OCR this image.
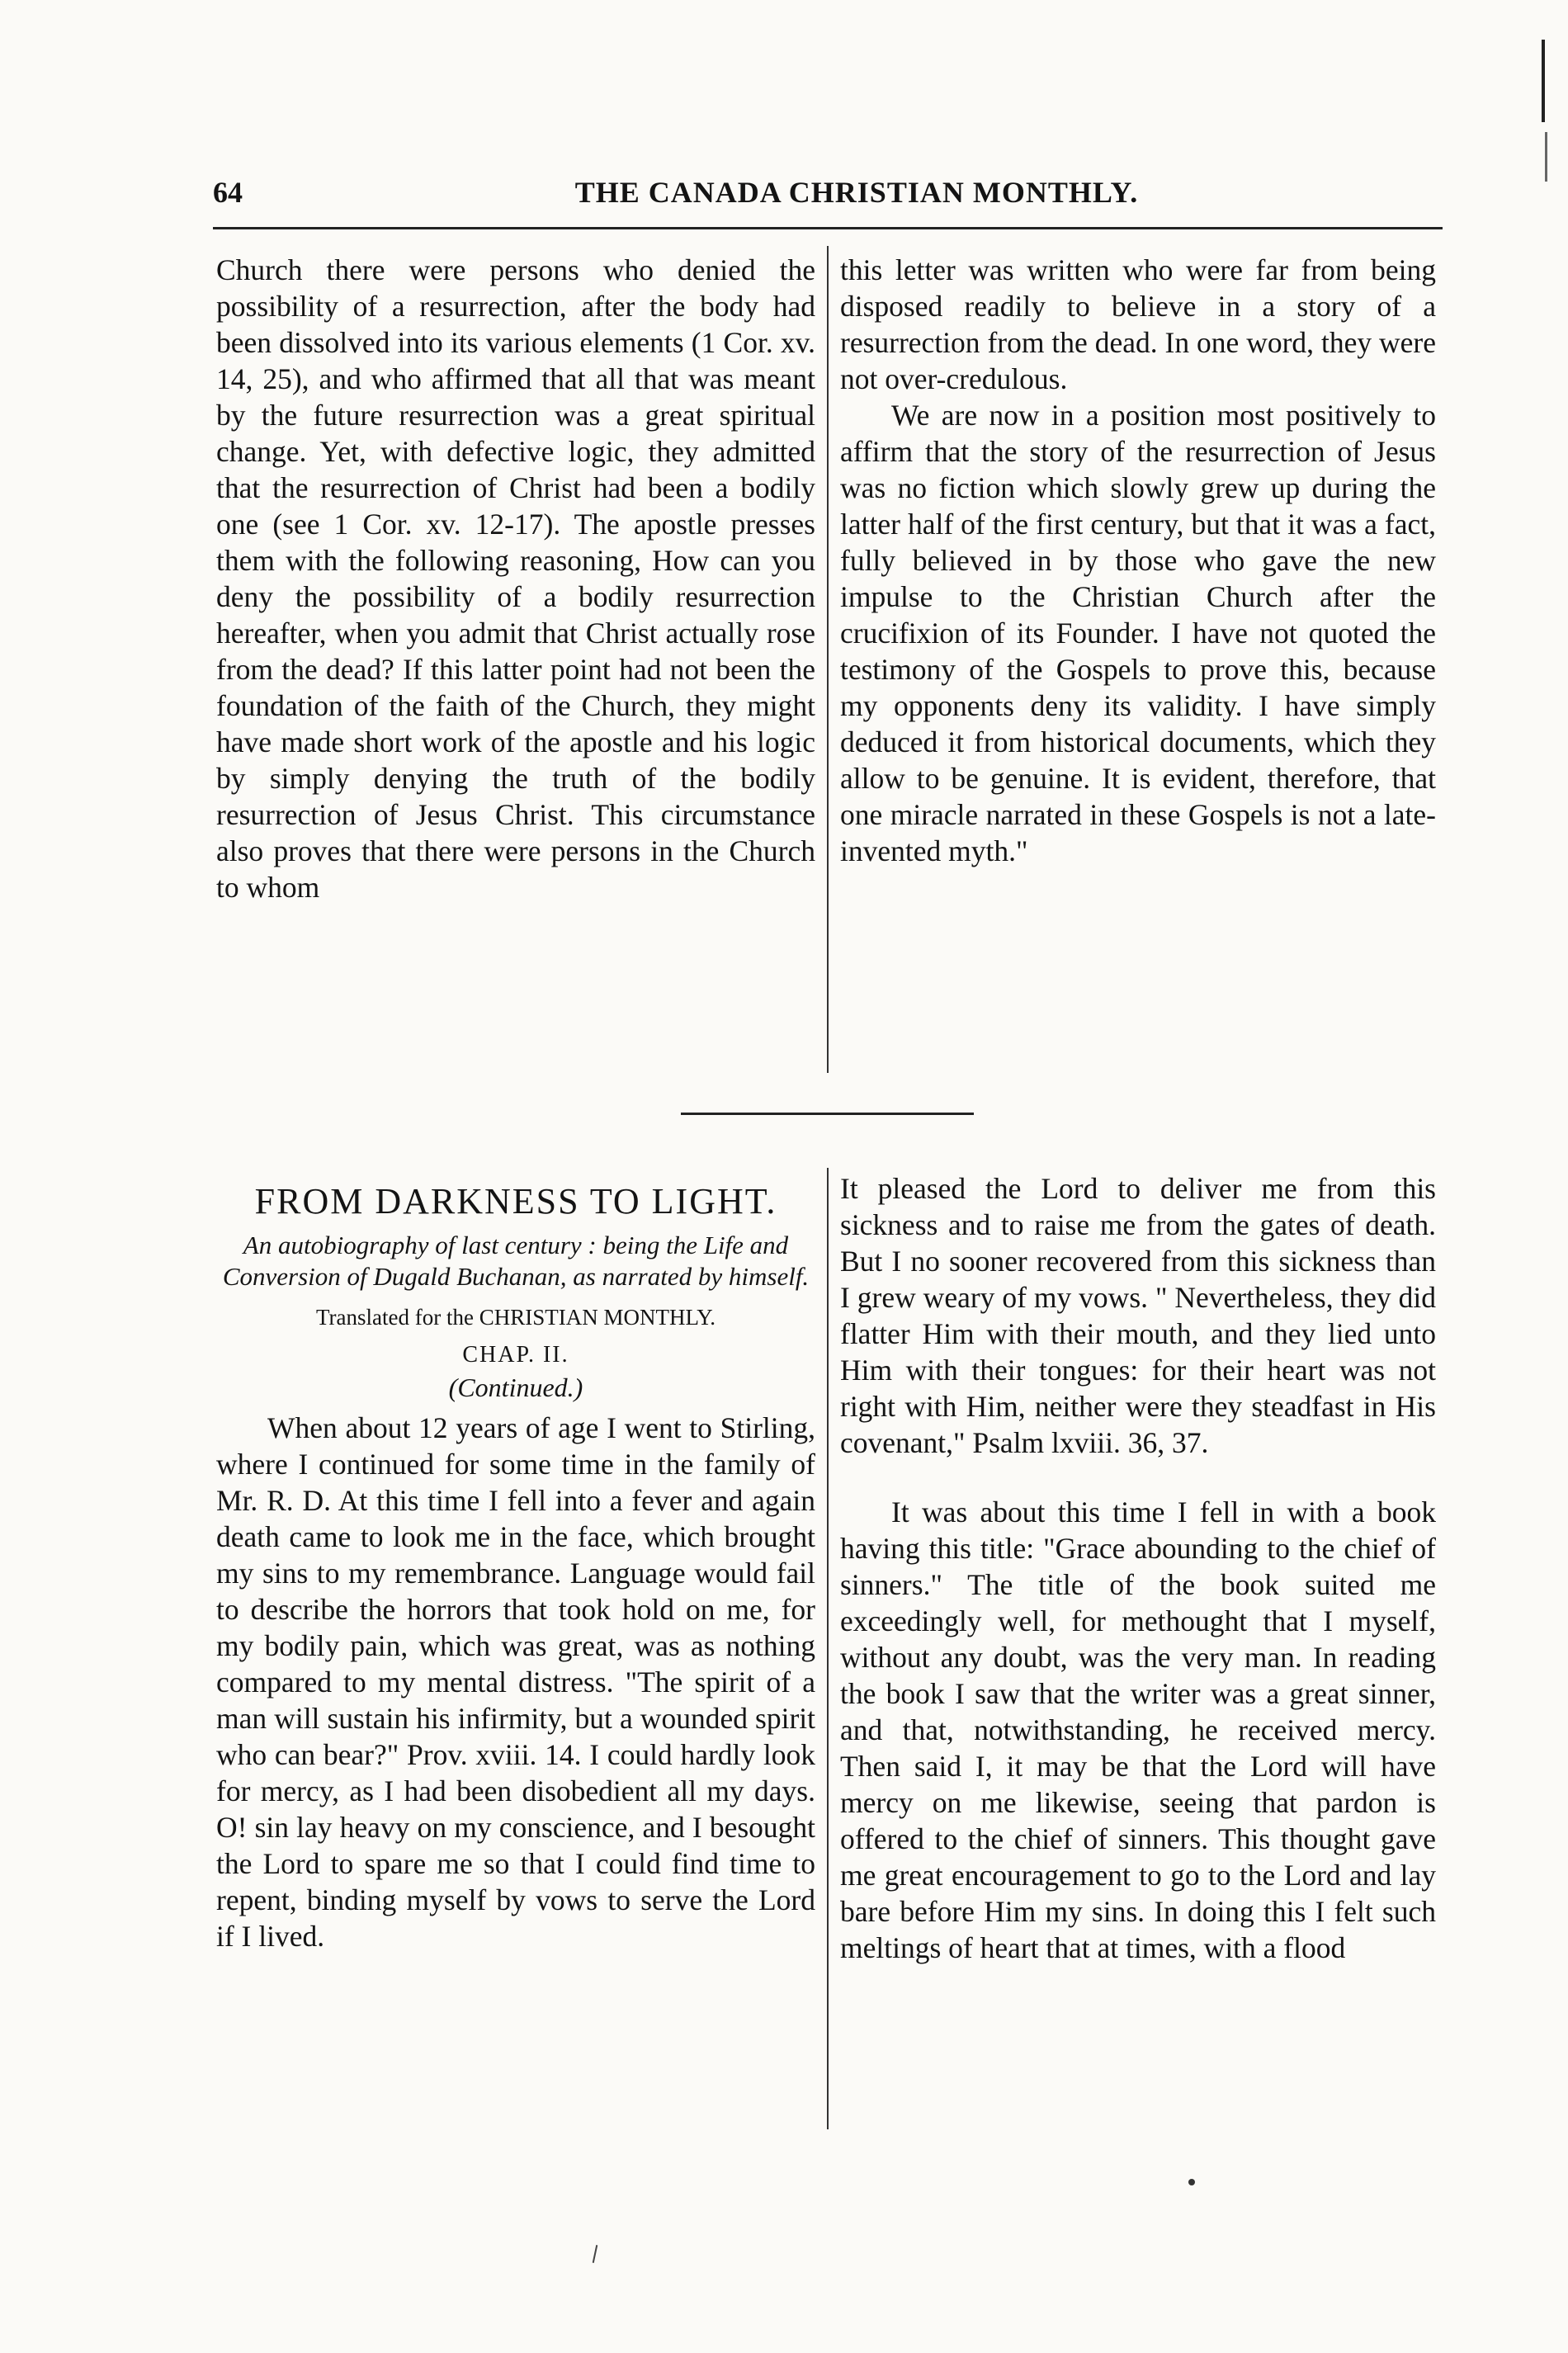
64	THE CANADA CHRISTIAN MONTHLY.

Church there were persons who denied the possibility of a resurrection, after the body had been dissolved into its various elements (1 Cor. xv. 14, 25), and who affirmed that all that was meant by the future resurrection was a great spiritual change. Yet, with defective logic, they admitted that the resurrection of Christ had been a bodily one (see 1 Cor. xv. 12-17). The apostle presses them with the following reasoning, How can you deny the possibility of a bodily resurrection hereafter, when you admit that Christ actually rose from the dead? If this latter point had not been the foundation of the faith of the Church, they might have made short work of the apostle and his logic by simply denying the truth of the bodily resurrection of Jesus Christ. This circumstance also proves that there were persons in the Church to whom

this letter was written who were far from being disposed readily to believe in a story of a resurrection from the dead. In one word, they were not over-credulous.

We are now in a position most positively to affirm that the story of the resurrection of Jesus was no fiction which slowly grew up during the latter half of the first century, but that it was a fact, fully believed in by those who gave the new impulse to the Christian Church after the crucifixion of its Founder. I have not quoted the testimony of the Gospels to prove this, because my opponents deny its validity. I have simply deduced it from historical documents, which they allow to be genuine. It is evident, therefore, that one miracle narrated in these Gospels is not a late-invented myth."

FROM DARKNESS TO LIGHT.

An autobiography of last century : being the Life and Conversion of Dugald Buchanan, as narrated by himself.

Translated for the CHRISTIAN MONTHLY.

CHAP. II.

(Continued.)

When about 12 years of age I went to Stirling, where I continued for some time in the family of Mr. R. D. At this time I fell into a fever and again death came to look me in the face, which brought my sins to my remembrance. Language would fail to describe the horrors that took hold on me, for my bodily pain, which was great, was as nothing compared to my mental distress. "The spirit of a man will sustain his infirmity, but a wounded spirit who can bear?" Prov. xviii. 14. I could hardly look for mercy, as I had been disobedient all my days. O! sin lay heavy on my conscience, and I besought the Lord to spare me so that I could find time to repent, binding myself by vows to serve the Lord if I lived.

It pleased the Lord to deliver me from this sickness and to raise me from the gates of death. But I no sooner recovered from this sickness than I grew weary of my vows. " Nevertheless, they did flatter Him with their mouth, and they lied unto Him with their tongues: for their heart was not right with Him, neither were they steadfast in His covenant," Psalm lxviii. 36, 37.

It was about this time I fell in with a book having this title: "Grace abounding to the chief of sinners." The title of the book suited me exceedingly well, for methought that I myself, without any doubt, was the very man. In reading the book I saw that the writer was a great sinner, and that, notwithstanding, he received mercy. Then said I, it may be that the Lord will have mercy on me likewise, seeing that pardon is offered to the chief of sinners. This thought gave me great encouragement to go to the Lord and lay bare before Him my sins. In doing this I felt such meltings of heart that at times, with a flood
